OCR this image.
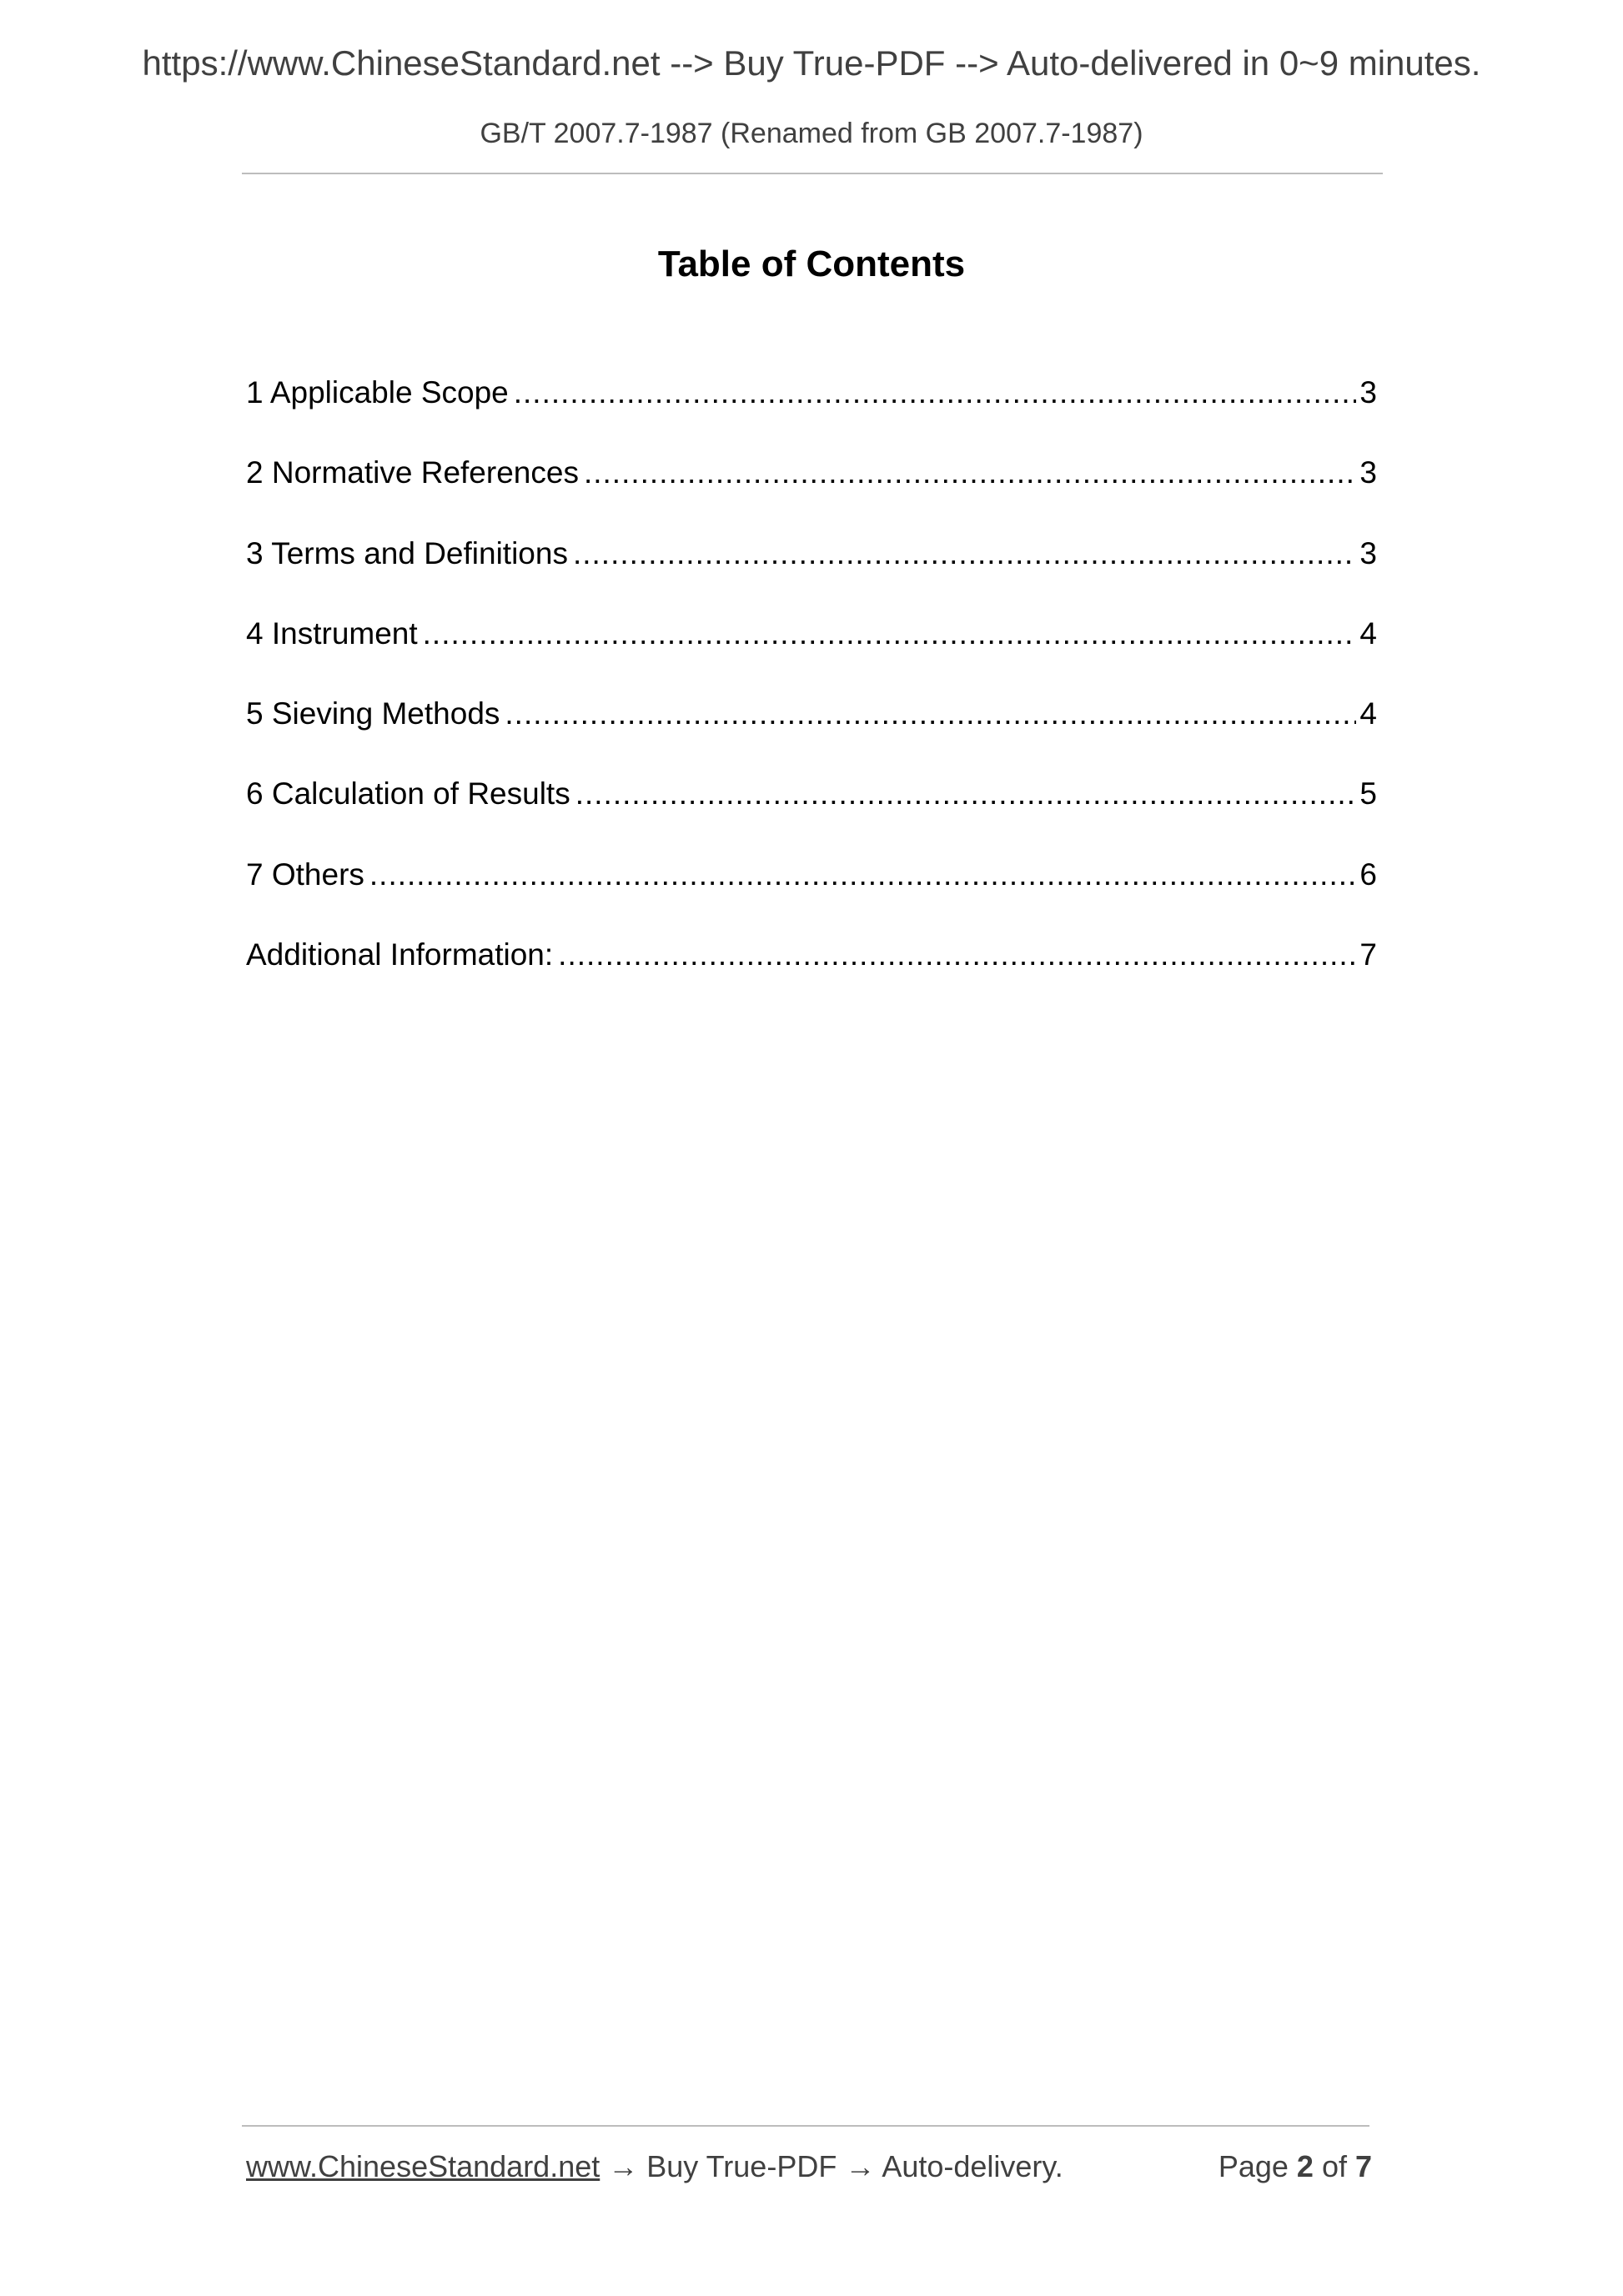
https://www.ChineseStandard.net --> Buy True-PDF --> Auto-delivered in 0~9 minutes.
GB/T 2007.7-1987 (Renamed from GB 2007.7-1987)
Table of Contents
1 Applicable Scope .....	3
2 Normative References .....	3
3 Terms and Definitions .....	3
4 Instrument .....	4
5 Sieving Methods .....	4
6 Calculation of Results .....	5
7 Others .....	6
Additional Information: .....	7
www.ChineseStandard.net → Buy True-PDF → Auto-delivery.	Page 2 of 7
